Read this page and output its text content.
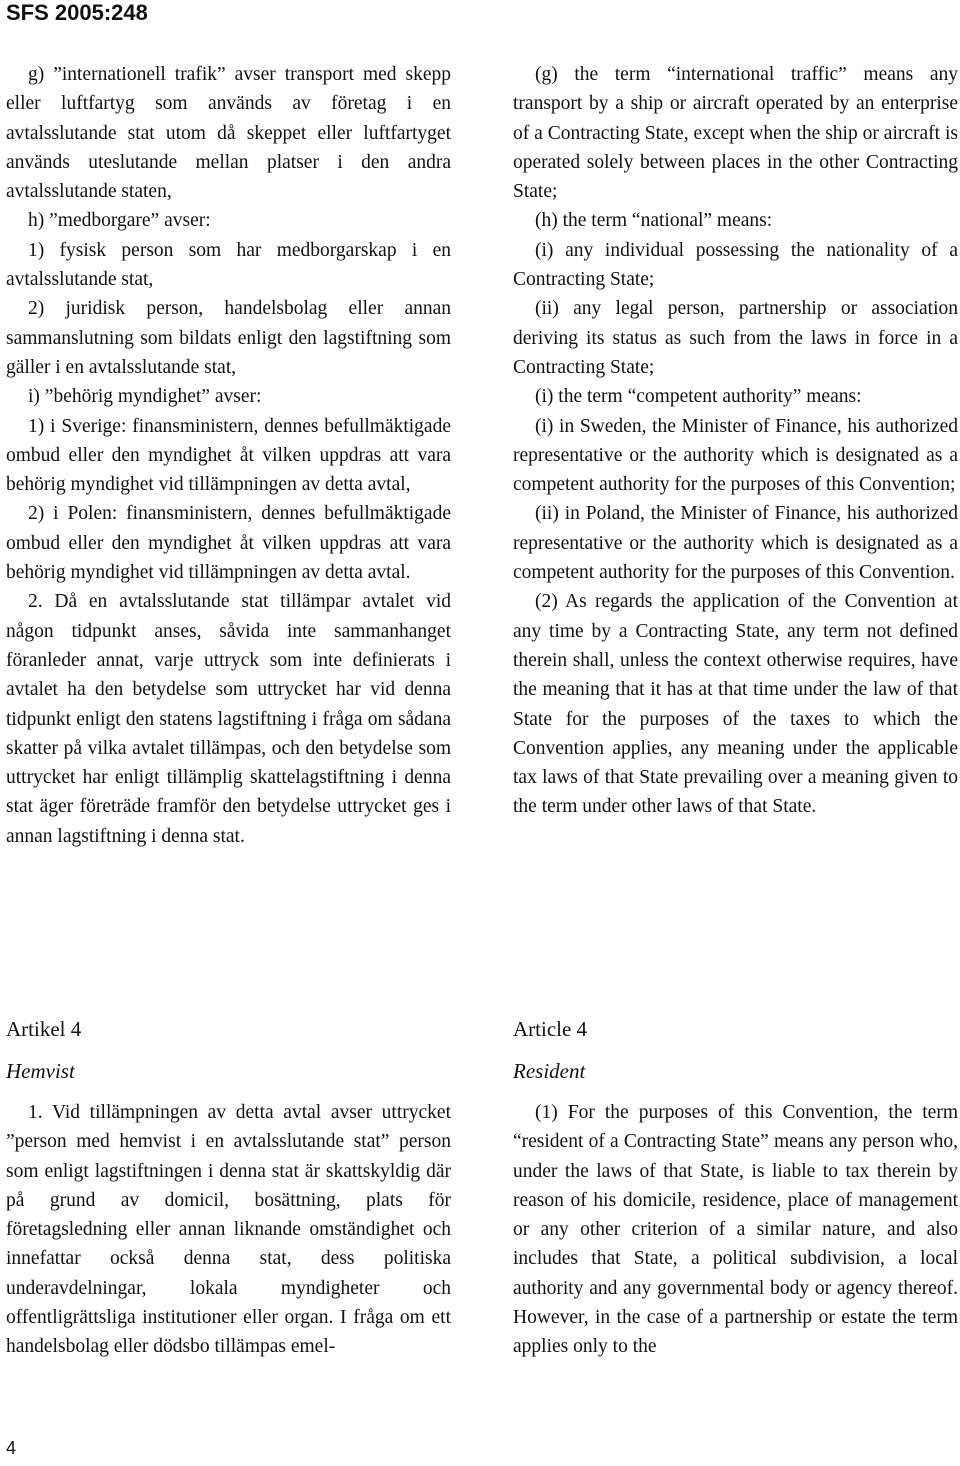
SFS 2005:248

g) ”internationell trafik” avser transport med skepp eller luftfartyg som används av företag i en avtalsslutande stat utom då skeppet eller luftfartyget används uteslutande mellan platser i den andra avtalsslutande staten,

h) ”medborgare” avser:

1) fysisk person som har medborgarskap i en avtalsslutande stat,

2) juridisk person, handelsbolag eller annan sammanslutning som bildats enligt den lagstiftning som gäller i en avtalsslutande stat,

i) ”behörig myndighet” avser:

1) i Sverige: finansministern, dennes befullmäktigade ombud eller den myndighet åt vilken uppdras att vara behörig myndighet vid tillämpningen av detta avtal,

2) i Polen: finansministern, dennes befullmäktigade ombud eller den myndighet åt vilken uppdras att vara behörig myndighet vid tillämpningen av detta avtal.

2. Då en avtalsslutande stat tillämpar avtalet vid någon tidpunkt anses, såvida inte sammanhanget föranleder annat, varje uttryck som inte definierats i avtalet ha den betydelse som uttrycket har vid denna tidpunkt enligt den statens lagstiftning i fråga om sådana skatter på vilka avtalet tillämpas, och den betydelse som uttrycket har enligt tillämplig skattelagstiftning i denna stat äger företräde framför den betydelse uttrycket ges i annan lagstiftning i denna stat.

(g) the term “international traffic” means any transport by a ship or aircraft operated by an enterprise of a Contracting State, except when the ship or aircraft is operated solely between places in the other Contracting State;

(h) the term “national” means:

(i) any individual possessing the nationality of a Contracting State;

(ii) any legal person, partnership or association deriving its status as such from the laws in force in a Contracting State;

(i) the term “competent authority” means:

(i) in Sweden, the Minister of Finance, his authorized representative or the authority which is designated as a competent authority for the purposes of this Convention;

(ii) in Poland, the Minister of Finance, his authorized representative or the authority which is designated as a competent authority for the purposes of this Convention.

(2) As regards the application of the Convention at any time by a Contracting State, any term not defined therein shall, unless the context otherwise requires, have the meaning that it has at that time under the law of that State for the purposes of the taxes to which the Convention applies, any meaning under the applicable tax laws of that State prevailing over a meaning given to the term under other laws of that State.

Artikel 4	Article 4
Hemvist	Resident

1. Vid tillämpningen av detta avtal avser uttrycket ”person med hemvist i en avtalsslutande stat” person som enligt lagstiftningen i denna stat är skattskyldig där på grund av domicil, bosättning, plats för företagsledning eller annan liknande omständighet och innefattar också denna stat, dess politiska underavdelningar, lokala myndigheter och offentligrättsliga institutioner eller organ. I fråga om ett handelsbolag eller dödsbo tillämpas emel-

(1) For the purposes of this Convention, the term “resident of a Contracting State” means any person who, under the laws of that State, is liable to tax therein by reason of his domicile, residence, place of management or any other criterion of a similar nature, and also includes that State, a political subdivision, a local authority and any governmental body or agency thereof. However, in the case of a partnership or estate the term applies only to the

4
